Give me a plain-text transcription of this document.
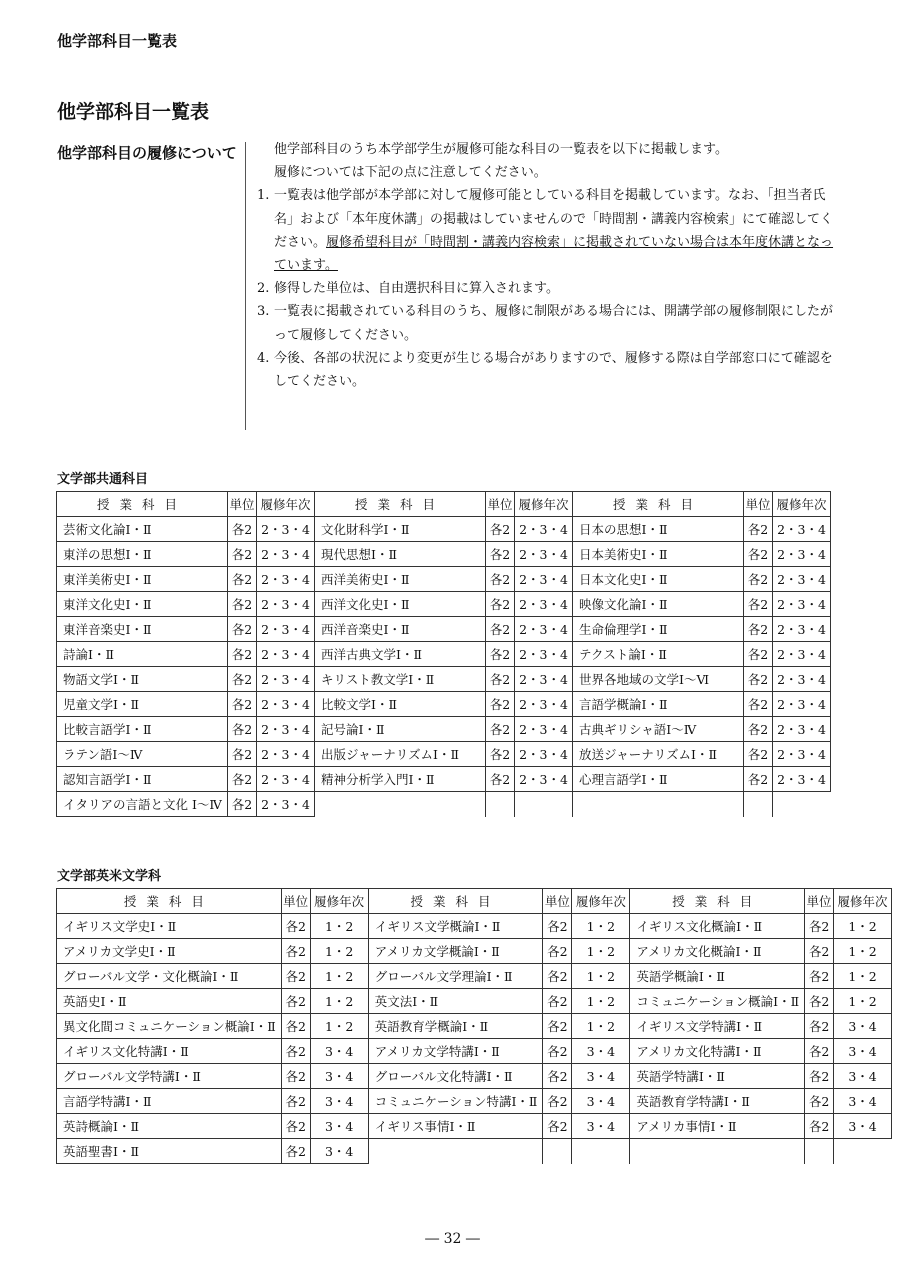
他学部科目一覧表
他学部科目一覧表
他学部科目の履修について	他学部科目のうち本学部学生が履修可能な科目の一覧表を以下に掲載します。

履修については下記の点に注意してください。

1. 一覧表は他学部が本学部に対して履修可能としている科目を掲載しています。なお、「担当者氏名」および「本年度休講」の掲載はしていませんので「時間割・講義内容検索」にて確認してください。履修希望科目が「時間割・講義内容検索」に掲載されていない場合は本年度休講となっています。
2. 修得した単位は、自由選択科目に算入されます。
3. 一覧表に掲載されている科目のうち、履修に制限がある場合には、開講学部の履修制限にしたがって履修してください。
4. 今後、各部の状況により変更が生じる場合がありますので、履修する際は自学部窓口にて確認をしてください。
文学部共通科目
授業科目	単位	履修年次	授業科目	単位	履修年次	授業科目	単位	履修年次
芸術文化論Ⅰ・Ⅱ	各2	2・3・4	文化財科学Ⅰ・Ⅱ	各2	2・3・4	日本の思想Ⅰ・Ⅱ	各2	2・3・4
東洋の思想Ⅰ・Ⅱ	各2	2・3・4	現代思想Ⅰ・Ⅱ	各2	2・3・4	日本美術史Ⅰ・Ⅱ	各2	2・3・4
東洋美術史Ⅰ・Ⅱ	各2	2・3・4	西洋美術史Ⅰ・Ⅱ	各2	2・3・4	日本文化史Ⅰ・Ⅱ	各2	2・3・4
東洋文化史Ⅰ・Ⅱ	各2	2・3・4	西洋文化史Ⅰ・Ⅱ	各2	2・3・4	映像文化論Ⅰ・Ⅱ	各2	2・3・4
東洋音楽史Ⅰ・Ⅱ	各2	2・3・4	西洋音楽史Ⅰ・Ⅱ	各2	2・3・4	生命倫理学Ⅰ・Ⅱ	各2	2・3・4
詩論Ⅰ・Ⅱ	各2	2・3・4	西洋古典文学Ⅰ・Ⅱ	各2	2・3・4	テクスト論Ⅰ・Ⅱ	各2	2・3・4
物語文学Ⅰ・Ⅱ	各2	2・3・4	キリスト教文学Ⅰ・Ⅱ	各2	2・3・4	世界各地域の文学Ⅰ～Ⅵ	各2	2・3・4
児童文学Ⅰ・Ⅱ	各2	2・3・4	比較文学Ⅰ・Ⅱ	各2	2・3・4	言語学概論Ⅰ・Ⅱ	各2	2・3・4
比較言語学Ⅰ・Ⅱ	各2	2・3・4	記号論Ⅰ・Ⅱ	各2	2・3・4	古典ギリシャ語Ⅰ～Ⅳ	各2	2・3・4
ラテン語Ⅰ～Ⅳ	各2	2・3・4	出版ジャーナリズムⅠ・Ⅱ	各2	2・3・4	放送ジャーナリズムⅠ・Ⅱ	各2	2・3・4
認知言語学Ⅰ・Ⅱ	各2	2・3・4	精神分析学入門Ⅰ・Ⅱ	各2	2・3・4	心理言語学Ⅰ・Ⅱ	各2	2・3・4
イタリアの言語と文化 Ⅰ～Ⅳ	各2	2・3・4						
文学部英米文学科
授業科目	単位	履修年次	授業科目	単位	履修年次	授業科目	単位	履修年次
イギリス文学史Ⅰ・Ⅱ	各2	1・2	イギリス文学概論Ⅰ・Ⅱ	各2	1・2	イギリス文化概論Ⅰ・Ⅱ	各2	1・2
アメリカ文学史Ⅰ・Ⅱ	各2	1・2	アメリカ文学概論Ⅰ・Ⅱ	各2	1・2	アメリカ文化概論Ⅰ・Ⅱ	各2	1・2
グローバル文学・文化概論Ⅰ・Ⅱ	各2	1・2	グローバル文学理論Ⅰ・Ⅱ	各2	1・2	英語学概論Ⅰ・Ⅱ	各2	1・2
英語史Ⅰ・Ⅱ	各2	1・2	英文法Ⅰ・Ⅱ	各2	1・2	コミュニケーション概論Ⅰ・Ⅱ	各2	1・2
異文化間コミュニケーション概論Ⅰ・Ⅱ	各2	1・2	英語教育学概論Ⅰ・Ⅱ	各2	1・2	イギリス文学特講Ⅰ・Ⅱ	各2	3・4
イギリス文化特講Ⅰ・Ⅱ	各2	3・4	アメリカ文学特講Ⅰ・Ⅱ	各2	3・4	アメリカ文化特講Ⅰ・Ⅱ	各2	3・4
グローバル文学特講Ⅰ・Ⅱ	各2	3・4	グローバル文化特講Ⅰ・Ⅱ	各2	3・4	英語学特講Ⅰ・Ⅱ	各2	3・4
言語学特講Ⅰ・Ⅱ	各2	3・4	コミュニケーション特講Ⅰ・Ⅱ	各2	3・4	英語教育学特講Ⅰ・Ⅱ	各2	3・4
英詩概論Ⅰ・Ⅱ	各2	3・4	イギリス事情Ⅰ・Ⅱ	各2	3・4	アメリカ事情Ⅰ・Ⅱ	各2	3・4
英語聖書Ⅰ・Ⅱ	各2	3・4						
― 32 ―
